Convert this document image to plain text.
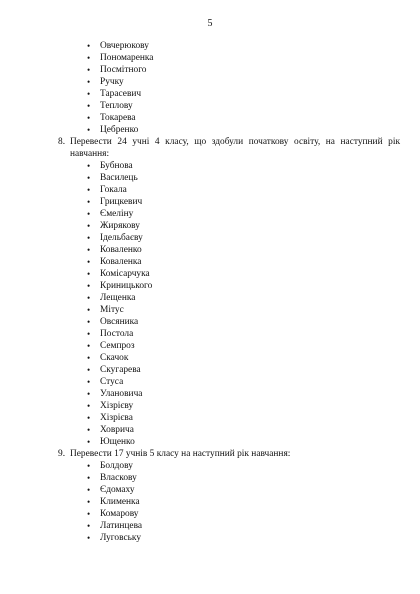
5
• Овчерюкову
• Пономаренка
• Посмітного
• Ручку
• Тарасевич
• Теплову
• Токарева
• Цебренко
8. Перевести 24 учні 4 класу, що здобули початкову освіту, на наступний рік навчання:
• Бубнова
• Василець
• Гокала
• Грицкевич
• Ємеліну
• Жирякову
• Ідельбаєву
• Коваленко
• Коваленка
• Комісарчука
• Криницького
• Лещенка
• Мітус
• Овсяника
• Постола
• Семпроз
• Скачок
• Скугарева
• Стуса
• Улановича
• Хізрієву
• Хізрієва
• Ховрича
• Ющенко
9. Перевести 17 учнів 5 класу на наступний рік навчання:
• Болдову
• Власкову
• Єдомаху
• Клименка
• Комарову
• Латинцева
• Луговську
